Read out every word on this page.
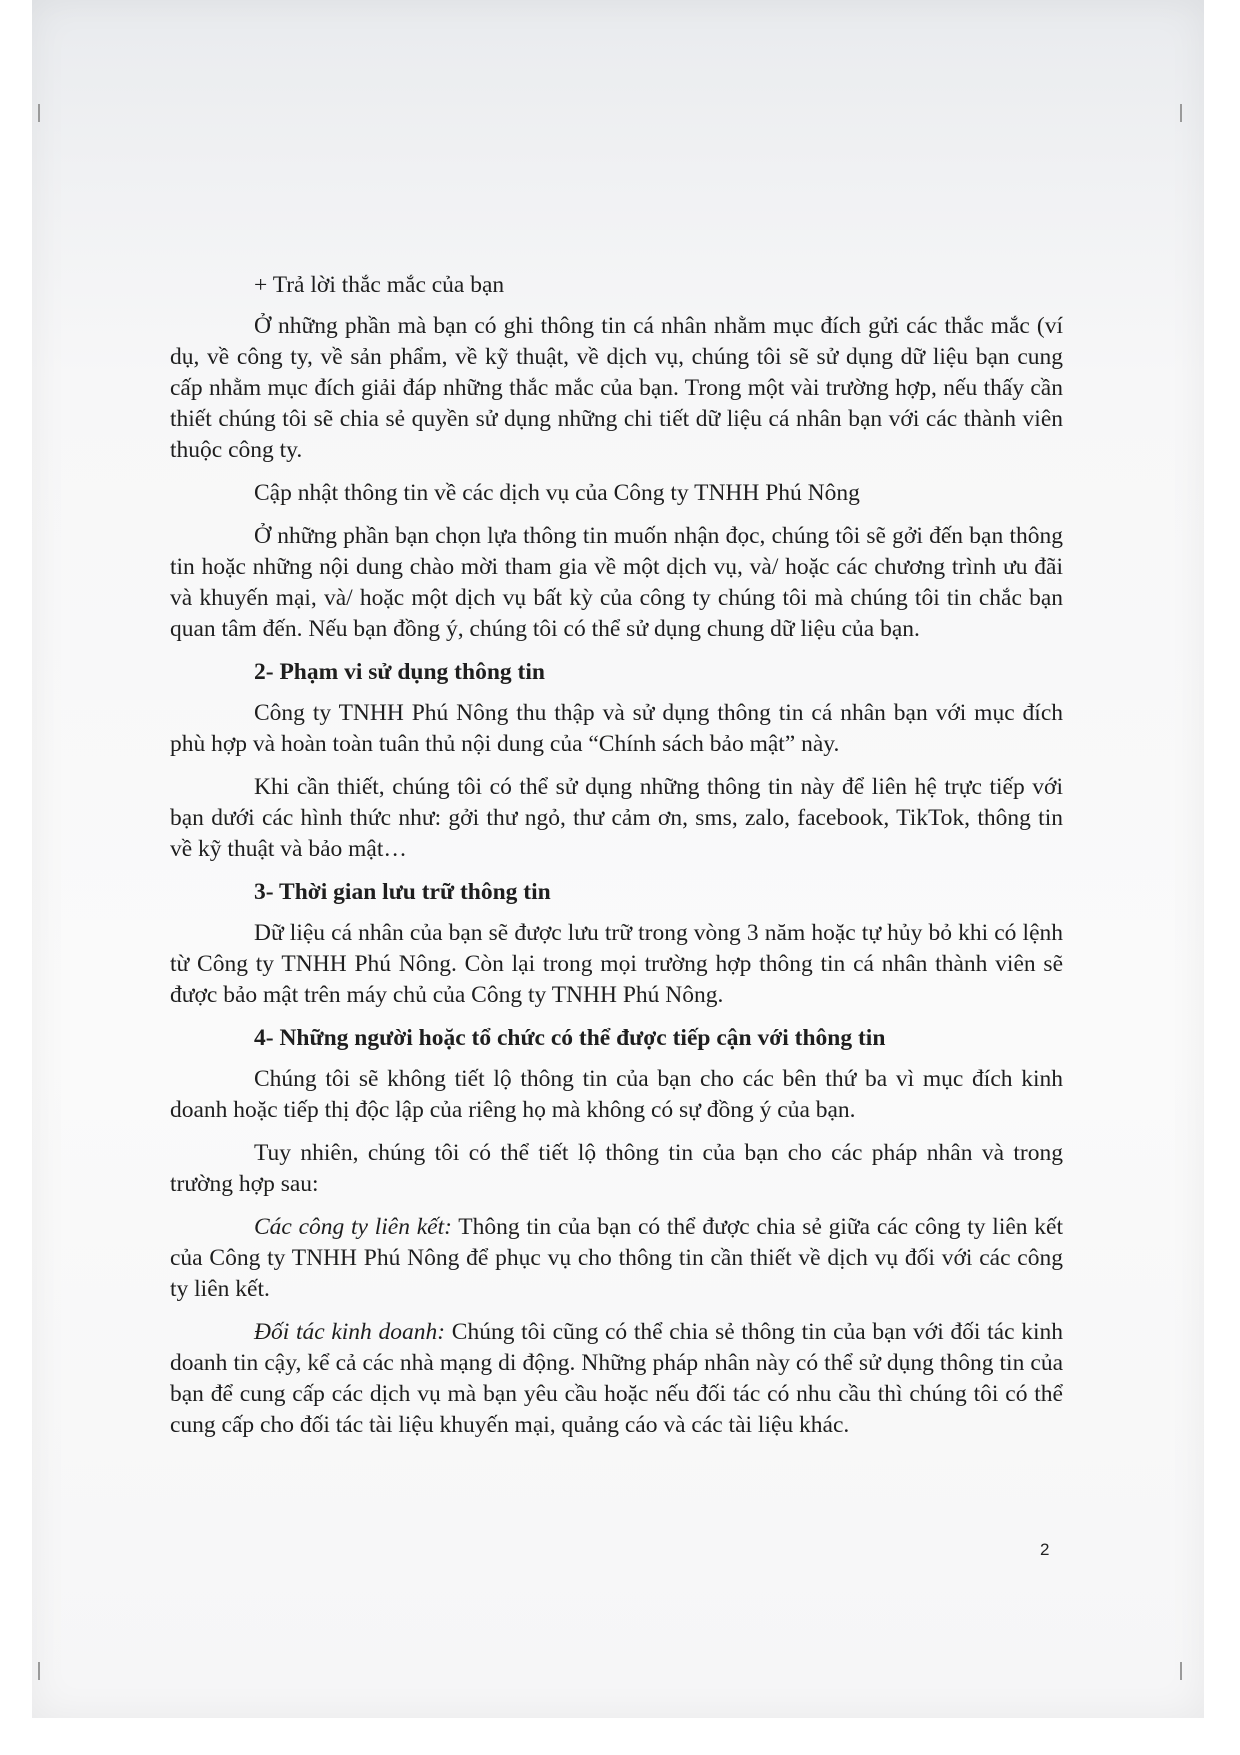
+ Trả lời thắc mắc của bạn

Ở những phần mà bạn có ghi thông tin cá nhân nhằm mục đích gửi các thắc mắc (ví dụ, về công ty, về sản phẩm, về kỹ thuật, về dịch vụ, chúng tôi sẽ sử dụng dữ liệu bạn cung cấp nhằm mục đích giải đáp những thắc mắc của bạn. Trong một vài trường hợp, nếu thấy cần thiết chúng tôi sẽ chia sẻ quyền sử dụng những chi tiết dữ liệu cá nhân bạn với các thành viên thuộc công ty.

Cập nhật thông tin về các dịch vụ của Công ty TNHH Phú Nông

Ở những phần bạn chọn lựa thông tin muốn nhận đọc, chúng tôi sẽ gởi đến bạn thông tin hoặc những nội dung chào mời tham gia về một dịch vụ, và/ hoặc các chương trình ưu đãi và khuyến mại, và/ hoặc một dịch vụ bất kỳ của công ty chúng tôi mà chúng tôi tin chắc bạn quan tâm đến. Nếu bạn đồng ý, chúng tôi có thể sử dụng chung dữ liệu của bạn.

2- Phạm vi sử dụng thông tin

Công ty TNHH Phú Nông thu thập và sử dụng thông tin cá nhân bạn với mục đích phù hợp và hoàn toàn tuân thủ nội dung của “Chính sách bảo mật” này.

Khi cần thiết, chúng tôi có thể sử dụng những thông tin này để liên hệ trực tiếp với bạn dưới các hình thức như: gởi thư ngỏ, thư cảm ơn, sms, zalo, facebook, TikTok, thông tin về kỹ thuật và bảo mật…

3- Thời gian lưu trữ thông tin

Dữ liệu cá nhân của bạn sẽ được lưu trữ trong vòng 3 năm hoặc tự hủy bỏ khi có lệnh từ Công ty TNHH Phú Nông. Còn lại trong mọi trường hợp thông tin cá nhân thành viên sẽ được bảo mật trên máy chủ của Công ty TNHH Phú Nông.

4- Những người hoặc tổ chức có thể được tiếp cận với thông tin

Chúng tôi sẽ không tiết lộ thông tin của bạn cho các bên thứ ba vì mục đích kinh doanh hoặc tiếp thị độc lập của riêng họ mà không có sự đồng ý của bạn.

Tuy nhiên, chúng tôi có thể tiết lộ thông tin của bạn cho các pháp nhân và trong trường hợp sau:

Các công ty liên kết: Thông tin của bạn có thể được chia sẻ giữa các công ty liên kết của Công ty TNHH Phú Nông để phục vụ cho thông tin cần thiết về dịch vụ đối với các công ty liên kết.

Đối tác kinh doanh: Chúng tôi cũng có thể chia sẻ thông tin của bạn với đối tác kinh doanh tin cậy, kể cả các nhà mạng di động. Những pháp nhân này có thể sử dụng thông tin của bạn để cung cấp các dịch vụ mà bạn yêu cầu hoặc nếu đối tác có nhu cầu thì chúng tôi có thể cung cấp cho đối tác tài liệu khuyến mại, quảng cáo và các tài liệu khác.

2
